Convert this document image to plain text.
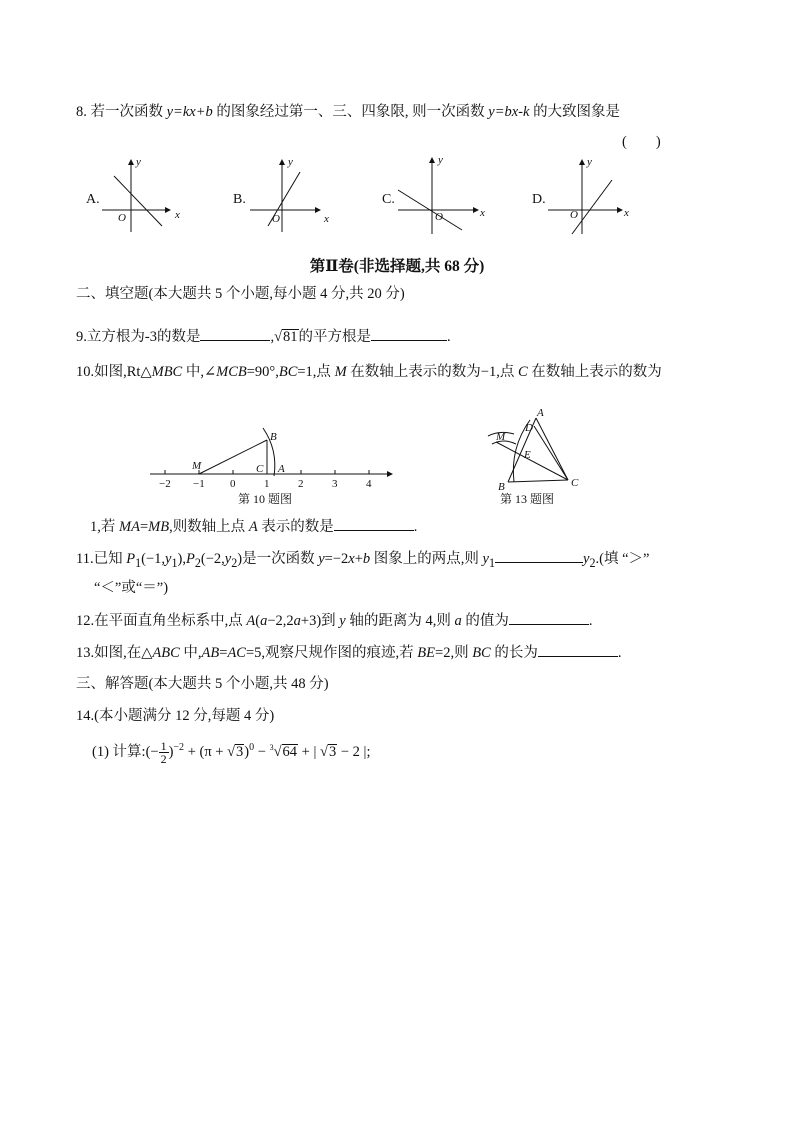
8. 若一次函数 y=kx+b 的图象经过第一、三、四象限, 则一次函数 y=bx-k 的大致图象是
(        )
A.	B.	C.	D.
y
x
O
y
x
O
y
x
O
y
x
O
第Ⅱ卷(非选择题,共 68 分)
二、填空题(本大题共 5 个小题,每小题 4 分,共 20 分)
9.立方根为-3的数是	,√81的平方根是	.
10.如图,Rt△MBC 中,∠MCB=90°,BC=1,点 M 在数轴上表示的数为−1,点 C 在数轴上表示的数为
−2 −1 0	1	2	3	4
M
B
C A
第 10 题图
A
D
M
E
B	C
第 13 题图
1,若 MA=MB,则数轴上点 A 表示的数是	.
11.已知 $P_1(-1,y_1),P_2(-2,y_2)$是一次函数 y=−2x+b 图象上的两点,则 $y_1$	$y_2$.(填 “＞”
“＜”或“＝”)
12.在平面直角坐标系中,点 A(a−2,2a+3)到 y 轴的距离为 4,则 a 的值为	.
13.如图,在△ABC 中,AB=AC=5,观察尺规作图的痕迹,若 BE=2,则 BC 的长为	.
三、解答题(本大题共 5 个小题,共 48 分)
14.(本小题满分 12 分,每题 4 分)
(1) 计算:(− $\frac{1}{2} )^{-2} + (\pi + √3)^0 - ^3√64$ + | √3 − 2 |;
